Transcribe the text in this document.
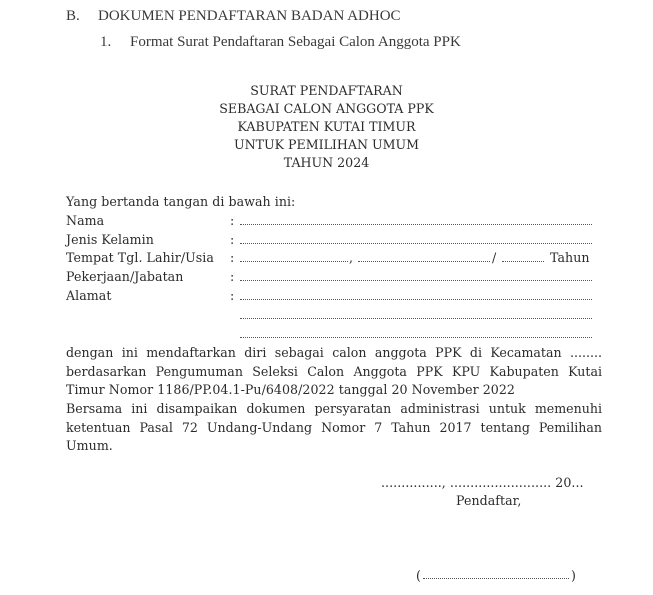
B. DOKUMEN PENDAFTARAN BADAN ADHOC
1. Format Surat Pendaftaran Sebagai Calon Anggota PPK
SURAT PENDAFTARAN
SEBAGAI CALON ANGGOTA PPK
KABUPATEN KUTAI TIMUR
UNTUK PEMILIHAN UMUM
TAHUN 2024
Yang bertanda tangan di bawah ini:
Nama	:
Jenis Kelamin	:
Tempat Tgl. Lahir/Usia :	,	/	Tahun
Pekerjaan/Jabatan	:
Alamat	:
dengan ini mendaftarkan diri sebagai calon anggota PPK di Kecamatan ........
berdasarkan Pengumuman Seleksi Calon Anggota PPK KPU Kabupaten Kutai
Timur Nomor 1186/PP.04.1-Pu/6408/2022 tanggal 20 November 2022
Bersama ini disampaikan dokumen persyaratan administrasi untuk memenuhi
ketentuan Pasal 72 Undang-Undang Nomor 7 Tahun 2017 tentang Pemilihan
Umum.
..............., ......................... 20...
Pendaftar,
(	)
